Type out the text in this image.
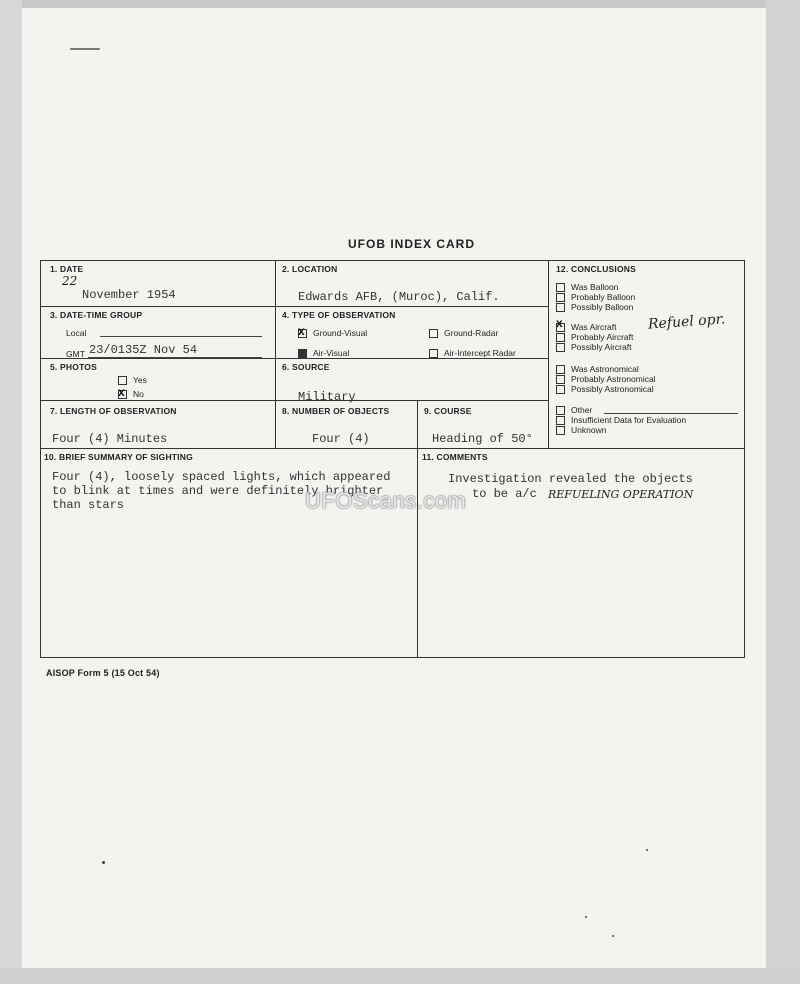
UFOB INDEX CARD
1. DATE
22
November 1954
2. LOCATION
Edwards AFB, (Muroc), Calif.
3. DATE-TIME GROUP
Local
GMT 23/0135Z Nov 54
4. TYPE OF OBSERVATION
xGround-Visual	Ground-Radar
Air-Visual	Air-Intercept Radar
5. PHOTOS
Yes
xNo
6. SOURCE
Military
7. LENGTH OF OBSERVATION
Four (4) Minutes
8. NUMBER OF OBJECTS
Four (4)
9. COURSE
Heading of 50°
12. CONCLUSIONS
Was Balloon
Probably Balloon
Possibly Balloon
xWas Aircraft
Probably Aircraft
Possibly Aircraft
Refuel opr.
Was Astronomical
Probably Astronomical
Possibly Astronomical
Other
Insufficient Data for Evaluation
Unknown
10. BRIEF SUMMARY OF SIGHTING
Four (4), loosely spaced lights, which appeared
to blink at times and were definitely brighter
than stars
11. COMMENTS
Investigation revealed the objects
to be a/c REFUELING OPERATION
UFOScans.com
AISOP Form 5 (15 Oct 54)
